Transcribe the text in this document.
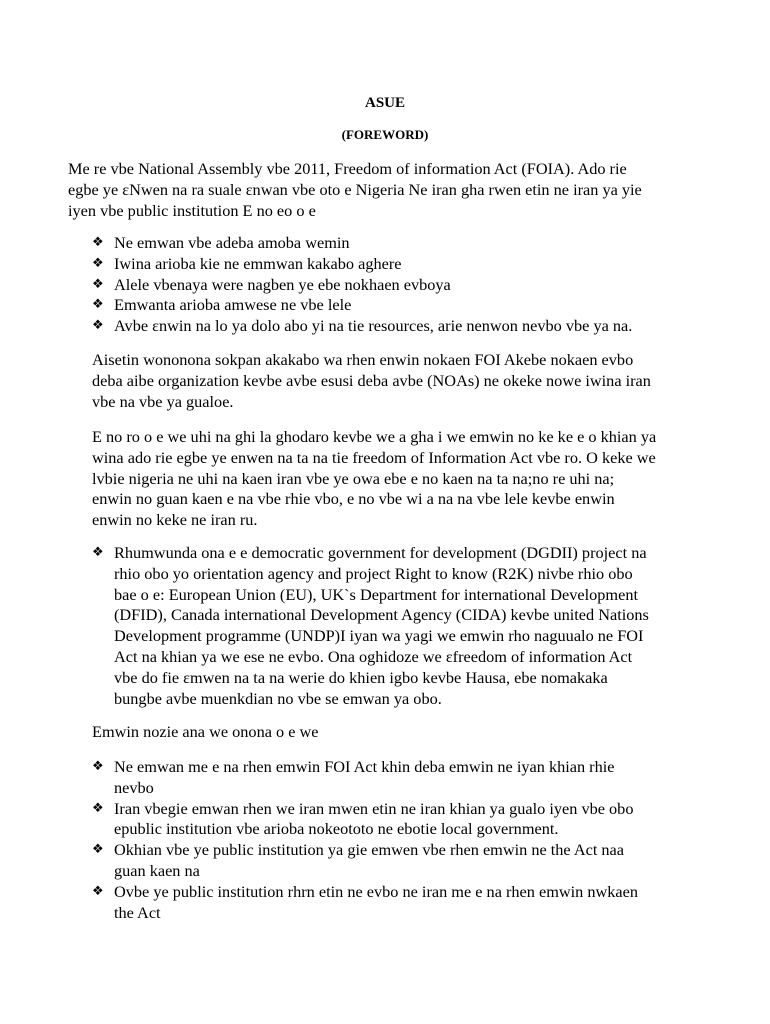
ASUE
(FOREWORD)
Me re vbe National Assembly vbe 2011, Freedom of information Act (FOIA). Ado rie
egbe ye ɛNwen na ra suale ɛnwan vbe oto e Nigeria Ne iran gha rwen etin ne iran ya yie
iyen vbe public institution E no eo o e
❖ Ne emwan vbe adeba amoba wemin
❖ Iwina arioba kie ne emmwan kakabo aghere
❖ Alele vbenaya were nagben ye ebe nokhaen evboya
❖ Emwanta arioba amwese ne vbe lele
❖ Avbe ɛnwin na lo ya dolo abo yi na tie resources, arie nenwon nevbo vbe ya na.
Aisetin wononona sokpan akakabo wa rhen enwin nokaen FOI Akebe nokaen evbo
deba aibe organization kevbe avbe esusi deba avbe (NOAs) ne okeke nowe iwina iran
vbe na vbe ya gualoe.
E no ro o e we uhi na ghi la ghodaro kevbe we a gha i we emwin no ke ke e o khian ya
wina ado rie egbe ye enwen na ta na tie freedom of Information Act vbe ro. O keke we
lvbie nigeria ne uhi na kaen iran vbe ye owa ebe e no kaen na ta na;no re uhi na;
enwin no guan kaen e na vbe rhie vbo, e no vbe wi a na na vbe lele kevbe enwin
enwin no keke ne iran ru.
❖ Rhumwunda ona e e democratic government for development (DGDII) project na
rhio obo yo orientation agency and project Right to know (R2K) nivbe rhio obo
bae o e: European Union (EU), UK`s Department for international Development
(DFID), Canada international Development Agency (CIDA) kevbe united Nations
Development programme (UNDP)I iyan wa yagi we emwin rho naguualo ne FOI
Act na khian ya we ese ne evbo. Ona oghidoze we ɛfreedom of information Act
vbe do fie ɛmwen na ta na werie do khien igbo kevbe Hausa, ebe nomakaka
bungbe avbe muenkdian no vbe se emwan ya obo.
Emwin nozie ana we onona o e we
❖ Ne emwan me e na rhen emwin FOI Act khin deba emwin ne iyan khian rhie
nevbo
❖ Iran vbegie emwan rhen we iran mwen etin ne iran khian ya gualo iyen vbe obo
epublic institution vbe arioba nokeototo ne ebotie local government.
❖ Okhian vbe ye public institution ya gie emwen vbe rhen emwin ne the Act naa
guan kaen na
❖ Ovbe ye public institution rhrn etin ne evbo ne iran me e na rhen emwin nwkaen
the Act
